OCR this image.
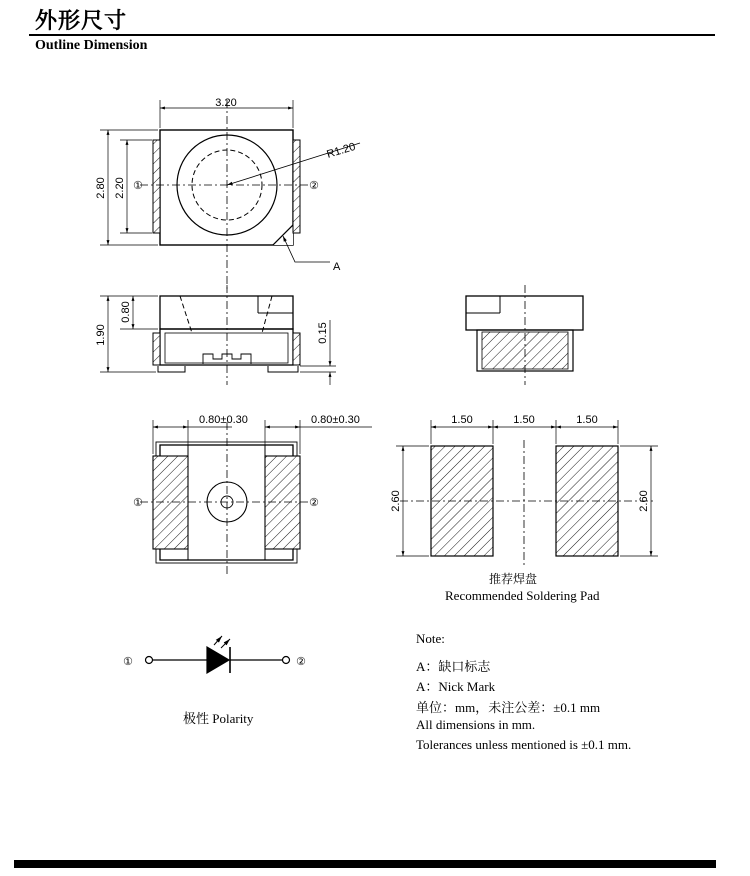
外形尺寸
Outline Dimension
3.20
2.80 2.20
R1.20
①	②
A
1.90
0.80
0.15
0.80±0.30	0.80±0.30
①	②
1.50	1.50	1.50
2.60	2.60
①	②
推荐焊盘
Recommended Soldering Pad
极性 Polarity
Note:
A：缺口标志
A：Nick Mark
单位：mm，未注公差：±0.1 mm
All dimensions in mm.
Tolerances unless mentioned is ±0.1 mm.
